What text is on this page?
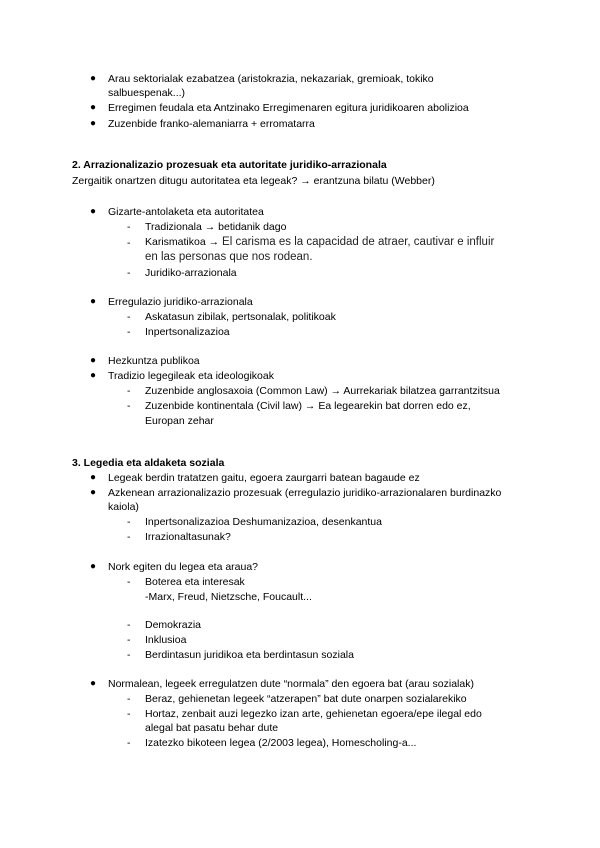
● Arau sektorialak ezabatzea (aristokrazia, nekazariak, gremioak, tokiko
salbuespenak...)
● Erregimen feudala eta Antzinako Erregimenaren egitura juridikoaren abolizioa
● Zuzenbide franko-alemaniarra + erromatarra
2. Arrazionalizazio prozesuak eta autoritate juridiko-arrazionala
Zergaitik onartzen ditugu autoritatea eta legeak? → erantzuna bilatu (Webber)
● Gizarte-antolaketa eta autoritatea
- Tradizionala → betidanik dago
- Karismatikoa → El carisma es la capacidad de atraer, cautivar e influir
en las personas que nos rodean.
- Juridiko-arrazionala
● Erregulazio juridiko-arrazionala
- Askatasun zibilak, pertsonalak, politikoak
- Inpertsonalizazioa
● Hezkuntza publikoa
● Tradizio legegileak eta ideologikoak
- Zuzenbide anglosaxoia (Common Law) → Aurrekariak bilatzea garrantzitsua
- Zuzenbide kontinentala (Civil law) → Ea legearekin bat dorren edo ez,
Europan zehar
3. Legedia eta aldaketa soziala
● Legeak berdin tratatzen gaitu, egoera zaurgarri batean bagaude ez
● Azkenean arrazionalizazio prozesuak (erregulazio juridiko-arrazionalaren burdinazko
kaiola)
- Inpertsonalizazioa Deshumanizazioa, desenkantua
- Irrazionaltasunak?
● Nork egiten du legea eta araua?
- Boterea eta interesak
-Marx, Freud, Nietzsche, Foucault...
- Demokrazia
- Inklusioa
- Berdintasun juridikoa eta berdintasun soziala
● Normalean, legeek erregulatzen dute “normala” den egoera bat (arau sozialak)
- Beraz, gehienetan legeek “atzerapen” bat dute onarpen sozialarekiko
- Hortaz, zenbait auzi legezko izan arte, gehienetan egoera/epe ilegal edo
alegal bat pasatu behar dute
- Izatezko bikoteen legea (2/2003 legea), Homescholing-a...
